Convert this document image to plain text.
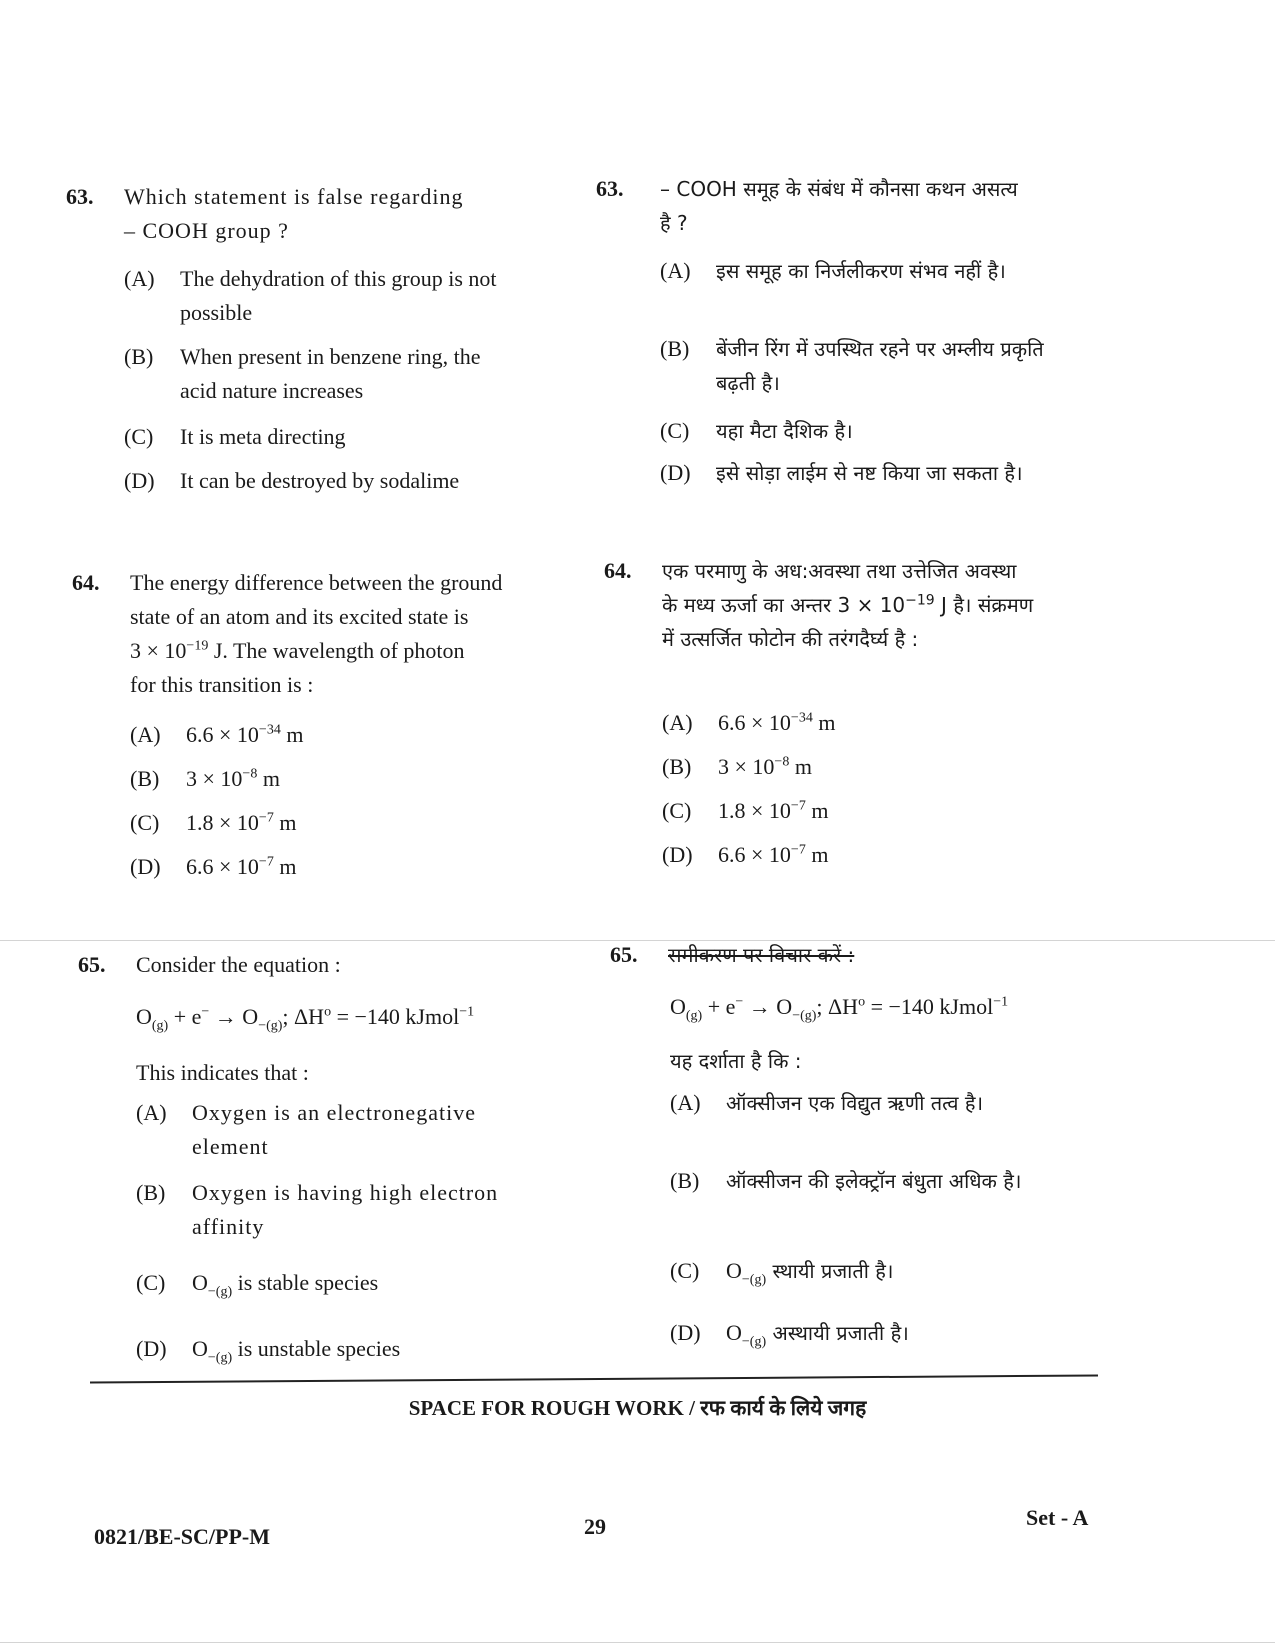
63. Which statement is false regarding
– COOH group ?
(A) The dehydration of this group is not
possible
(B) When present in benzene ring, the
acid nature increases
(C) It is meta directing
(D) It can be destroyed by sodalime
64. The energy difference between the ground
state of an atom and its excited state is
$3 \times 10^{-19}$ J. The wavelength of photon
for this transition is :
(A) $6.6 \times 10^{-34}$ m
(B) $3 \times 10^{-8}$ m
(C) $1.8 \times 10^{-7}$ m
(D) $6.6 \times 10^{-7}$ m
65. Consider the equation :
$O_{(g)} + e^- \to O_{-(g)}$; $\Delta H^o = -140$ kJmol$^{-1}$
This indicates that :
(A) Oxygen is an electronegative
element
(B) Oxygen is having high electron
affinity
(C) $O_{-(g)}$ is stable species
(D) $O_{-(g)}$ is unstable species
63. – COOH समूह के संबंध में कौनसा कथन असत्य
है ?
(A) इस समूह का निर्जलीकरण संभव नहीं है।
(B) बेंजीन रिंग में उपस्थित रहने पर अम्लीय प्रकृति
बढ़ती है।
(C) यहा मैटा दैशिक है।
(D) इसे सोड़ा लाईम से नष्ट किया जा सकता है।
64. एक परमाणु के अध:अवस्था तथा उत्तेजित अवस्था
के मध्य ऊर्जा का अन्तर $3 \times 10^{-19}$ J है। संक्रमण
में उत्सर्जित फोटोन की तरंगदैर्घ्य है :
(A) $6.6 \times 10^{-34}$ m
(B) $3 \times 10^{-8}$ m
(C) $1.8 \times 10^{-7}$ m
(D) $6.6 \times 10^{-7}$ m
65. समीकरण पर विचार करें :
$O_{(g)} + e^- \to O_{-(g)}$; $\Delta H^o = -140$ kJmol$^{-1}$
यह दर्शाता है कि :
(A) ऑक्सीजन एक विद्युत ऋणी तत्व है।
(B) ऑक्सीजन की इलेक्ट्रॉन बंधुता अधिक है।
(C) $O_{-(g)}$ स्थायी प्रजाती है।
(D) $O_{-(g)}$ अस्थायी प्रजाती है।
SPACE FOR ROUGH WORK / रफ कार्य के लिये जगह
0821/BE-SC/PP-M	29	Set - A
